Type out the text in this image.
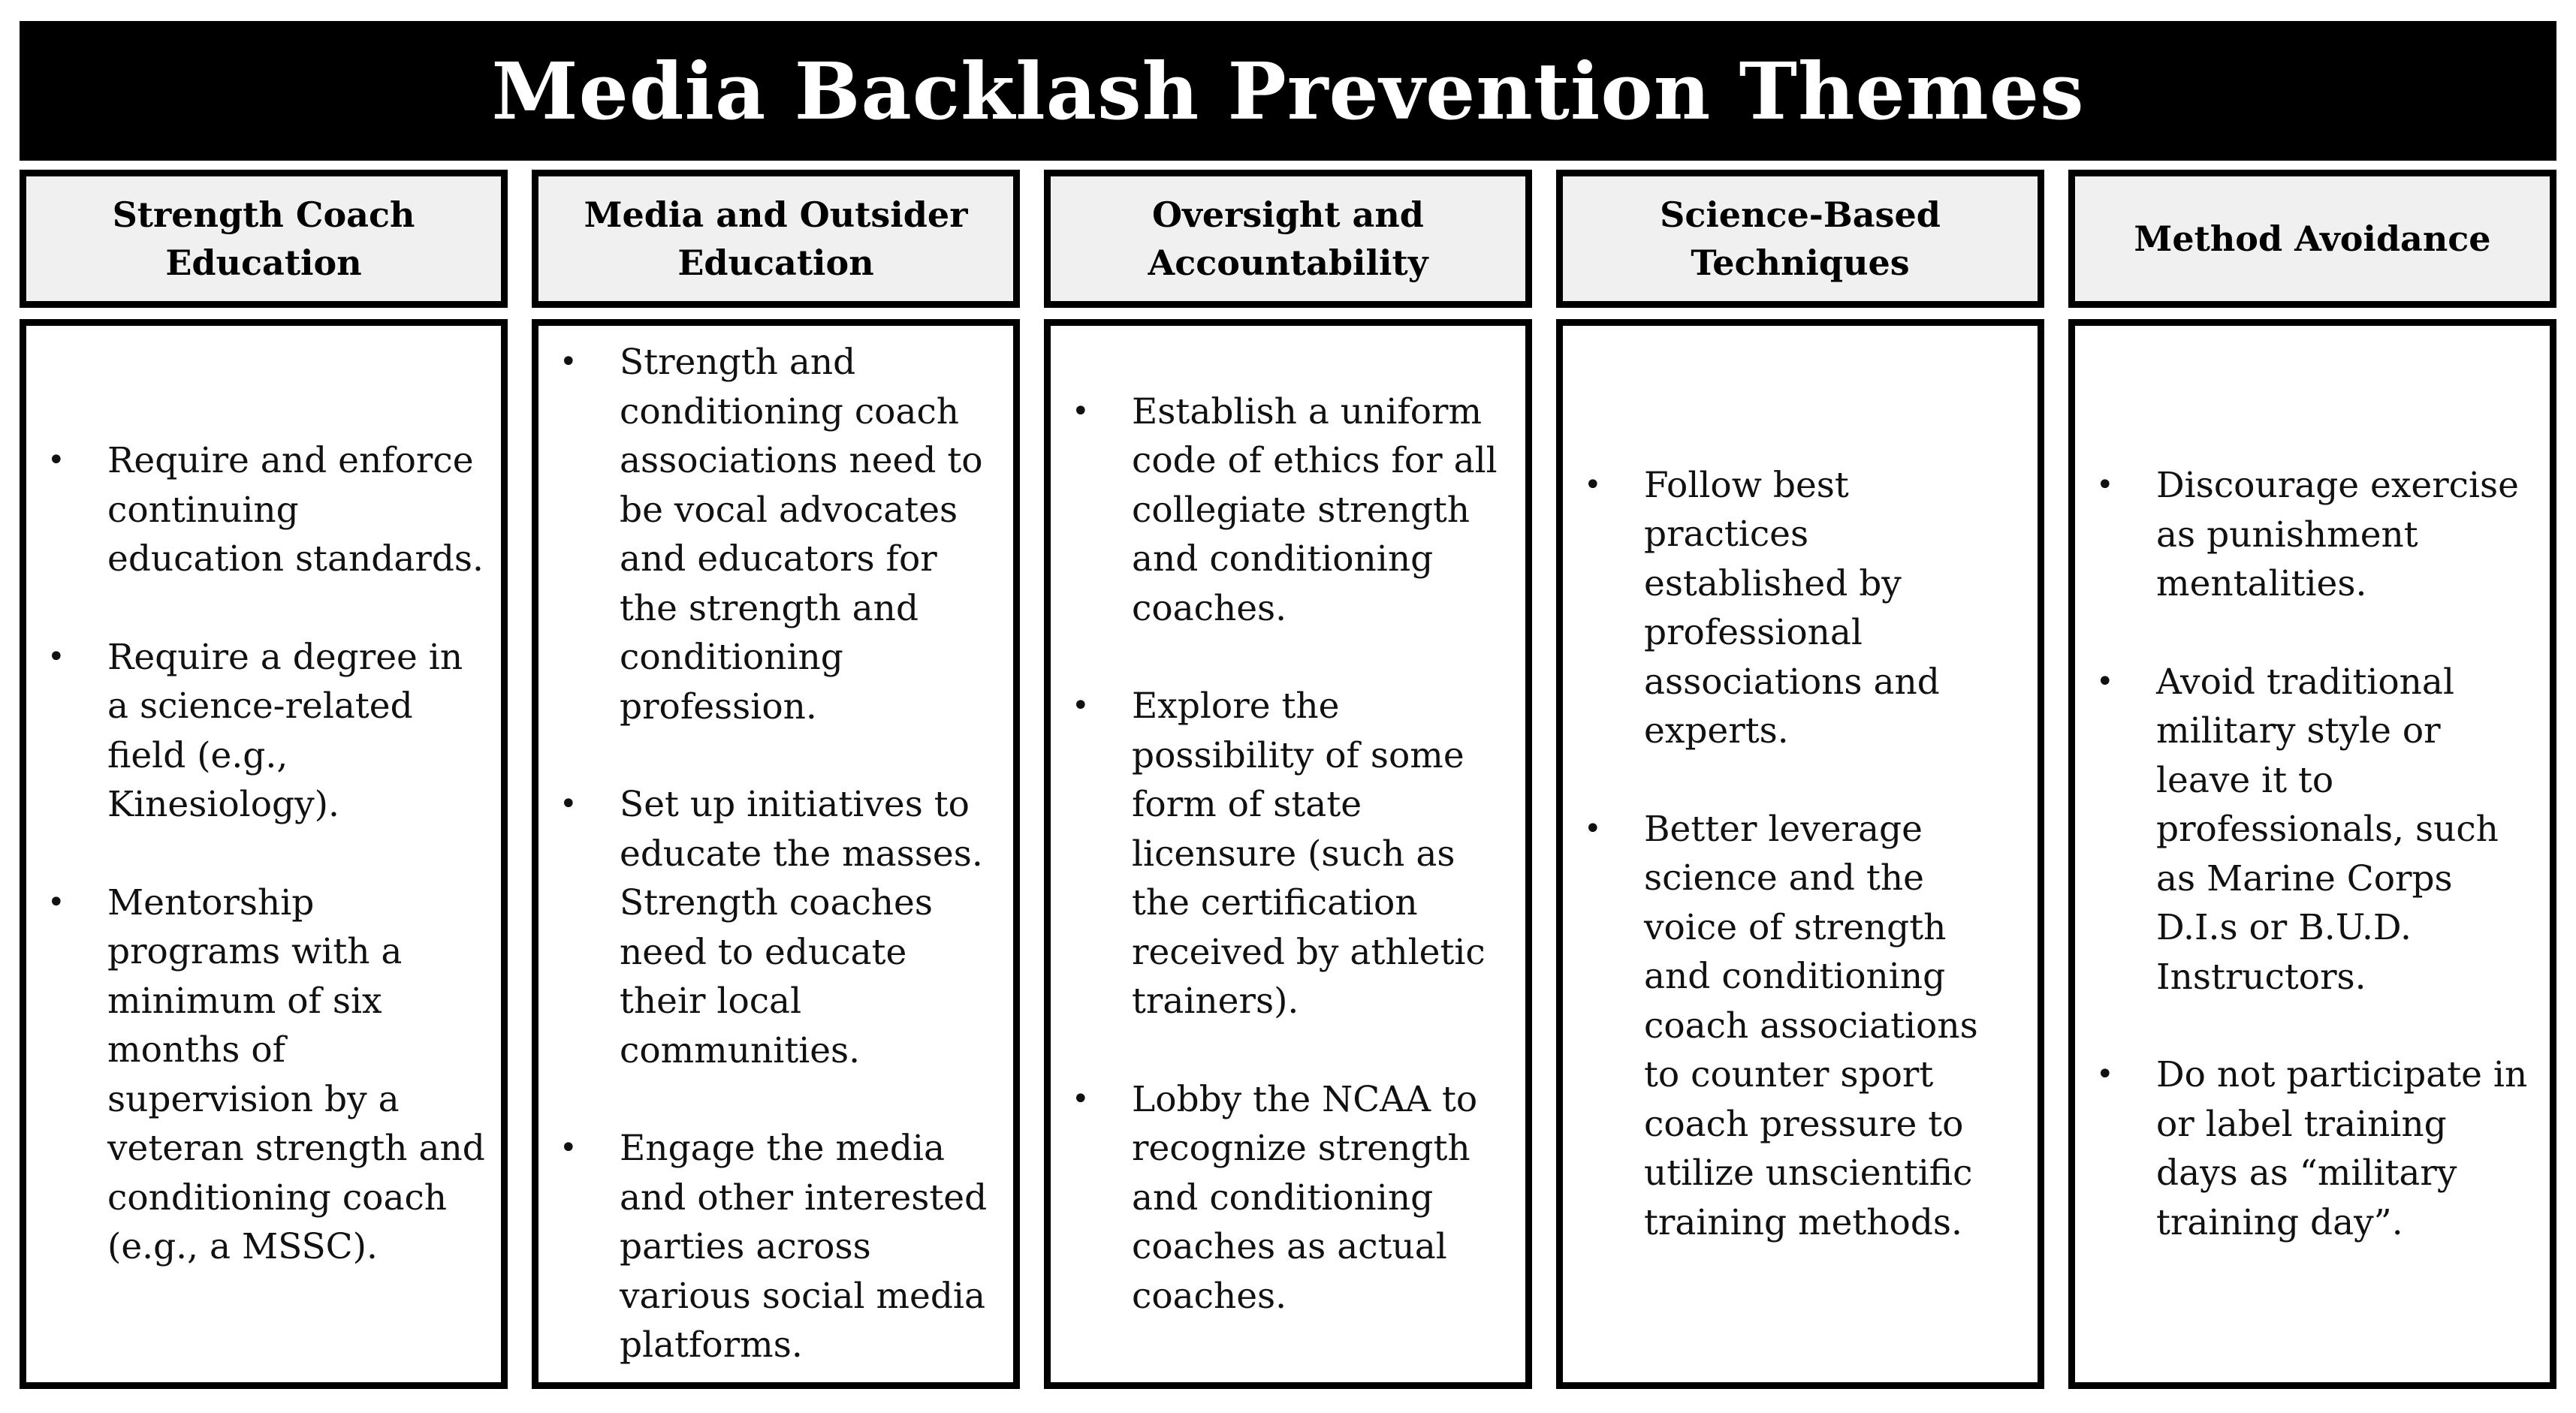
Media Backlash Prevention Themes
Strength Coach Education
• Require and enforce continuing education standards.
• Require a degree in a science-related field (e.g., Kinesiology).
• Mentorship programs with a minimum of six months of supervision by a veteran strength and conditioning coach (e.g., a MSSC).
Media and Outsider Education
• Strength and conditioning coach associations need to be vocal advocates and educators for the strength and conditioning profession.
• Set up initiatives to educate the masses. Strength coaches need to educate their local communities.
• Engage the media and other interested parties across various social media platforms.
Oversight and Accountability
• Establish a uniform code of ethics for all collegiate strength and conditioning coaches.
• Explore the possibility of some form of state licensure (such as the certification received by athletic trainers).
• Lobby the NCAA to recognize strength and conditioning coaches as actual coaches.
Science-Based Techniques
• Follow best practices established by professional associations and experts.
• Better leverage science and the voice of strength and conditioning coach associations to counter sport coach pressure to utilize unscientific training methods.
Method Avoidance
• Discourage exercise as punishment mentalities.
• Avoid traditional military style or leave it to professionals, such as Marine Corps D.I.s or B.U.D. Instructors.
• Do not participate in or label training days as “military training day”.
